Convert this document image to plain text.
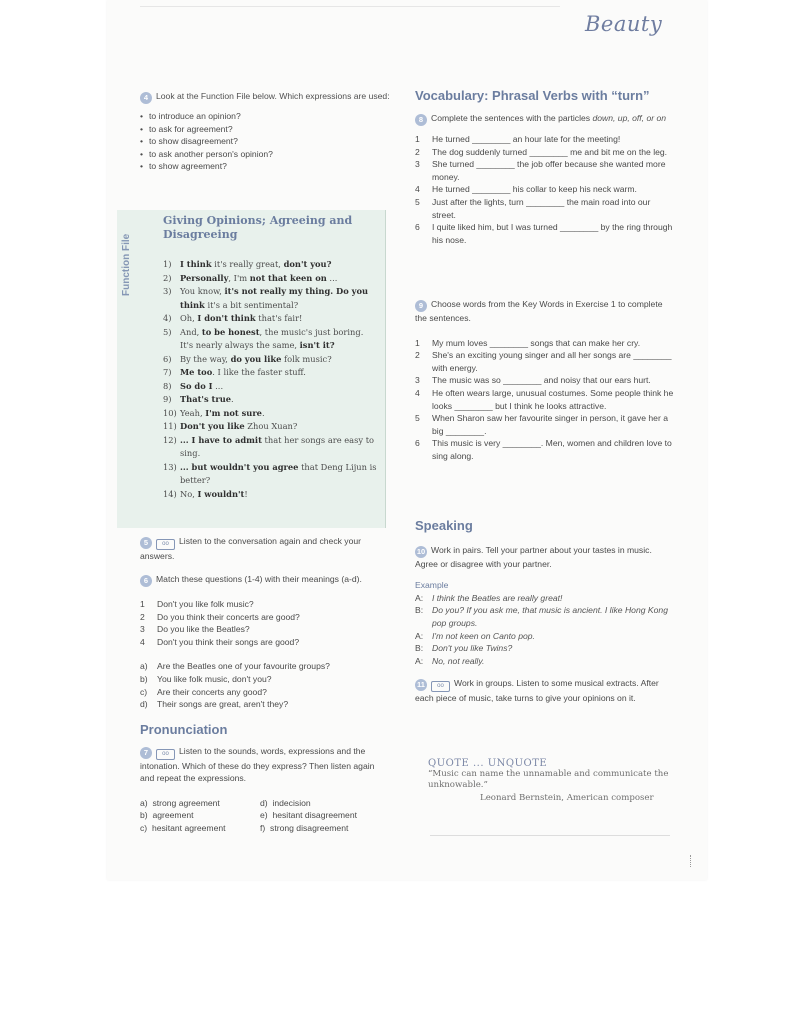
Beauty
4 Look at the Function File below. Which expressions are used:
• to introduce an opinion?
• to ask for agreement?
• to show disagreement?
• to ask another person's opinion?
• to show agreement?
Function File
Giving Opinions; Agreeing and Disagreeing
1) I think it's really great, don't you?
2) Personally, I'm not that keen on ...
3) You know, it's not really my thing. Do you think it's a bit sentimental?
4) Oh, I don't think that's fair!
5) And, to be honest, the music's just boring. It's nearly always the same, isn't it?
6) By the way, do you like folk music?
7) Me too. I like the faster stuff.
8) So do I ...
9) That's true.
10) Yeah, I'm not sure.
11) Don't you like Zhou Xuan?
12) ... I have to admit that her songs are easy to sing.
13) ... but wouldn't you agree that Deng Lijun is better?
14) No, I wouldn't!
5 oo Listen to the conversation again and check your answers.
6 Match these questions (1-4) with their meanings (a-d).
1 Don't you like folk music?
2 Do you think their concerts are good?
3 Do you like the Beatles?
4 Don't you think their songs are good?
a) Are the Beatles one of your favourite groups?
b) You like folk music, don't you?
c) Are their concerts any good?
d) Their songs are great, aren't they?
Pronunciation
7 oo Listen to the sounds, words, expressions and the intonation. Which of these do they express? Then listen again and repeat the expressions.
a) strong agreement	d) indecision
b) agreement	e) hesitant disagreement
c) hesitant agreement	f) strong disagreement
Vocabulary: Phrasal Verbs with “turn”
8 Complete the sentences with the particles down, up, off, or on
1 He turned ________ an hour late for the meeting!
2 The dog suddenly turned ________ me and bit me on the leg.
3 She turned ________ the job offer because she wanted more money.
4 He turned ________ his collar to keep his neck warm.
5 Just after the lights, turn ________ the main road into our street.
6 I quite liked him, but I was turned ________ by the ring through his nose.
9 Choose words from the Key Words in Exercise 1 to complete the sentences.
1 My mum loves ________ songs that can make her cry.
2 She's an exciting young singer and all her songs are ________ with energy.
3 The music was so ________ and noisy that our ears hurt.
4 He often wears large, unusual costumes. Some people think he looks ________ but I think he looks attractive.
5 When Sharon saw her favourite singer in person, it gave her a big ________.
6 This music is very ________. Men, women and children love to sing along.
Speaking
10 Work in pairs. Tell your partner about your tastes in music. Agree or disagree with your partner.
Example
A: I think the Beatles are really great!
B: Do you? If you ask me, that music is ancient. I like Hong Kong pop groups.
A: I'm not keen on Canto pop.
B: Don't you like Twins?
A: No, not really.
11 oo Work in groups. Listen to some musical extracts. After each piece of music, take turns to give your opinions on it.
QUOTE ... UNQUOTE
“Music can name the unnamable and communicate the unknowable.”
Leonard Bernstein, American composer
